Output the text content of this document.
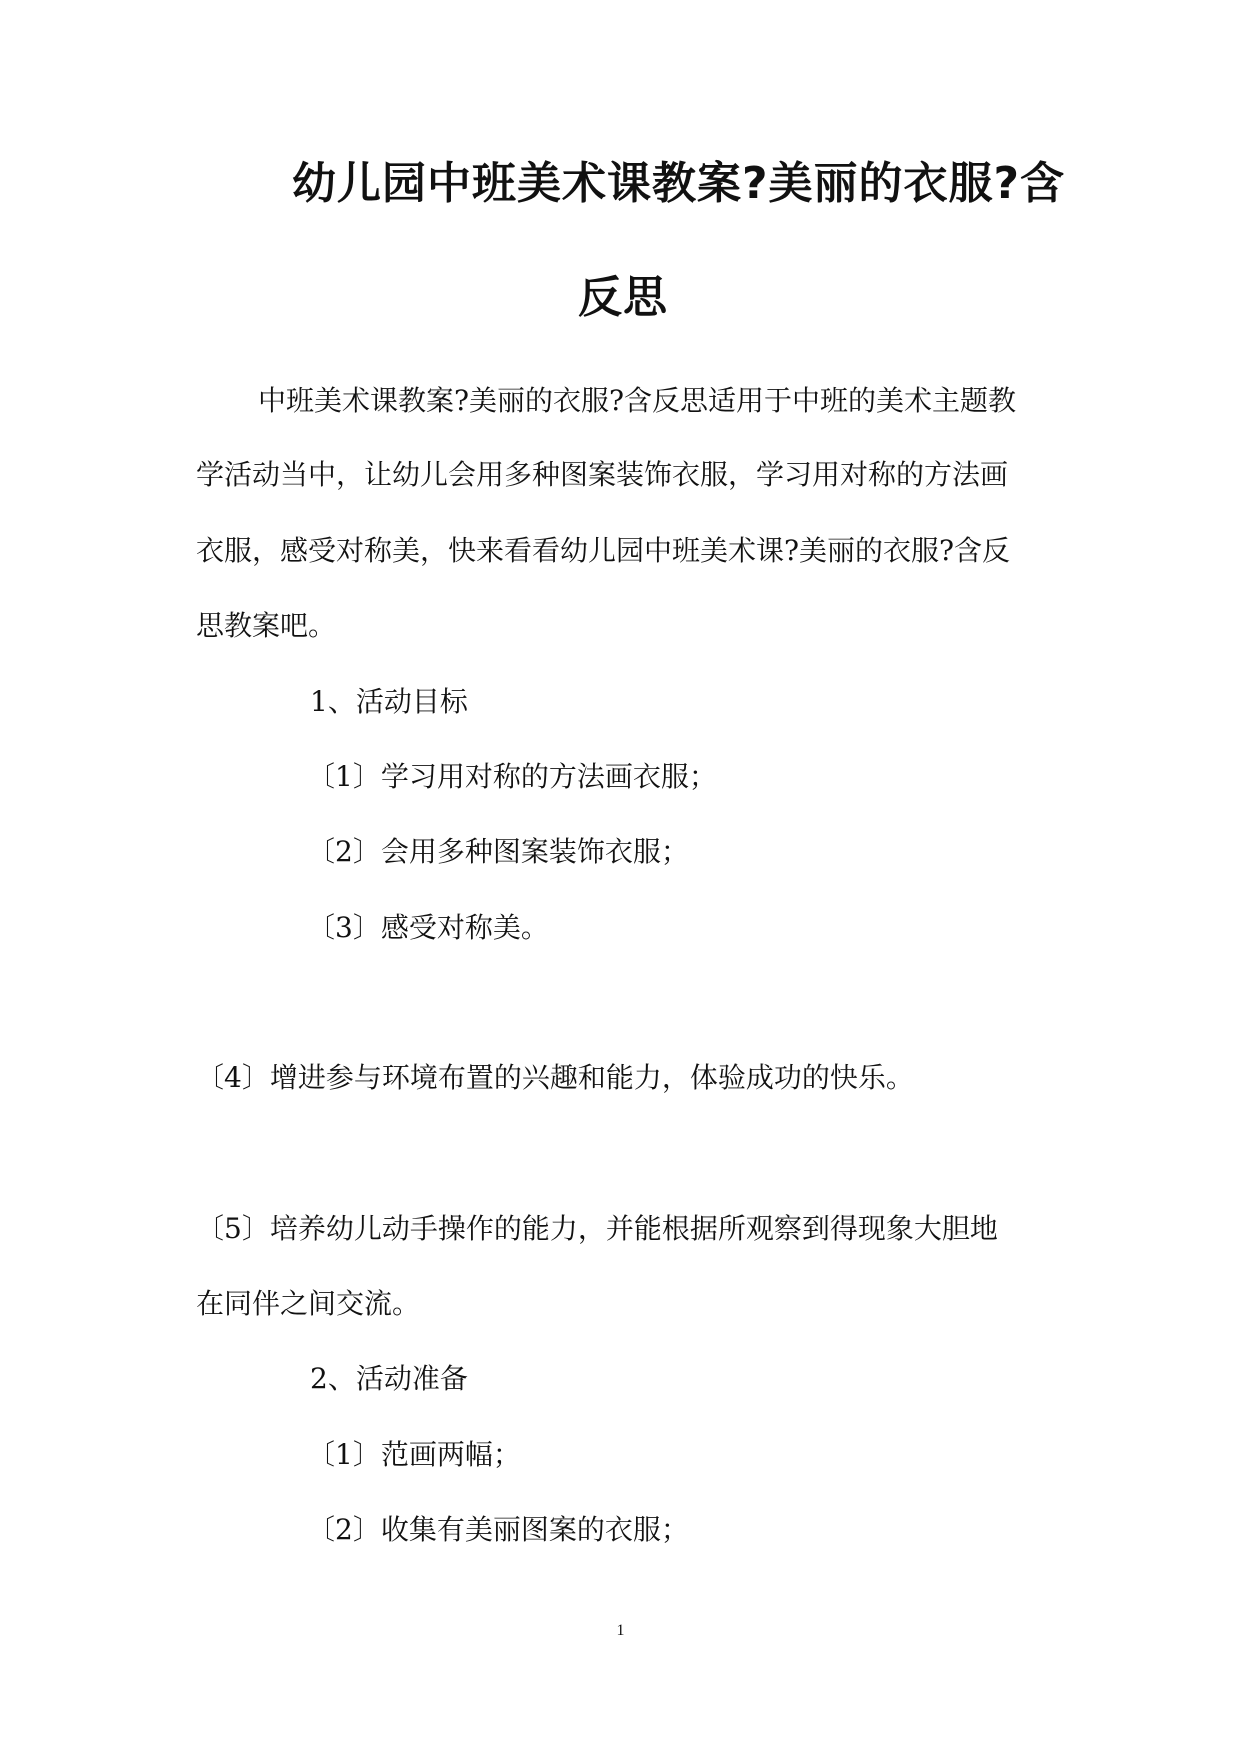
幼儿园中班美术课教案?美丽的衣服?含
反思
中班美术课教案?美丽的衣服?含反思适用于中班的美术主题教
学活动当中，让幼儿会用多种图案装饰衣服，学习用对称的方法画
衣服，感受对称美，快来看看幼儿园中班美术课?美丽的衣服?含反
思教案吧。
1、活动目标
〔1〕学习用对称的方法画衣服；
〔2〕会用多种图案装饰衣服；
〔3〕感受对称美。
〔4〕增进参与环境布置的兴趣和能力，体验成功的快乐。
〔5〕培养幼儿动手操作的能力，并能根据所观察到得现象大胆地
在同伴之间交流。
2、活动准备
〔1〕范画两幅；
〔2〕收集有美丽图案的衣服；
1
